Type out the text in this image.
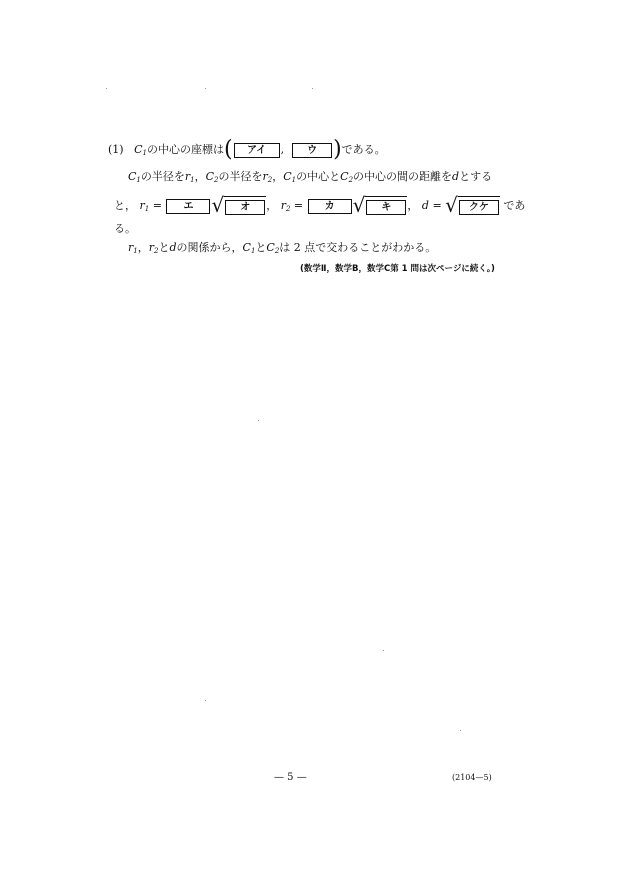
(1) $C_1$の中心の座標は( アイ , ウ )である。
$C_1$の半径を$r_1$，$C_2$の半径を$r_2$，$C_1$の中心と$C_2$の中心の間の距離をdとする
と， $r_1$ = エ √	オ	， $r_2$ = カ √	キ	， d = √	クケ	であ
る。
$r_1$，$r_2$とdの関係から，$C_1$と$C_2$は 2 点で交わることがわかる。
(数学Ⅱ，数学B，数学C第 1 問は次ページに続く。)
— 5 —	(2104—5)
